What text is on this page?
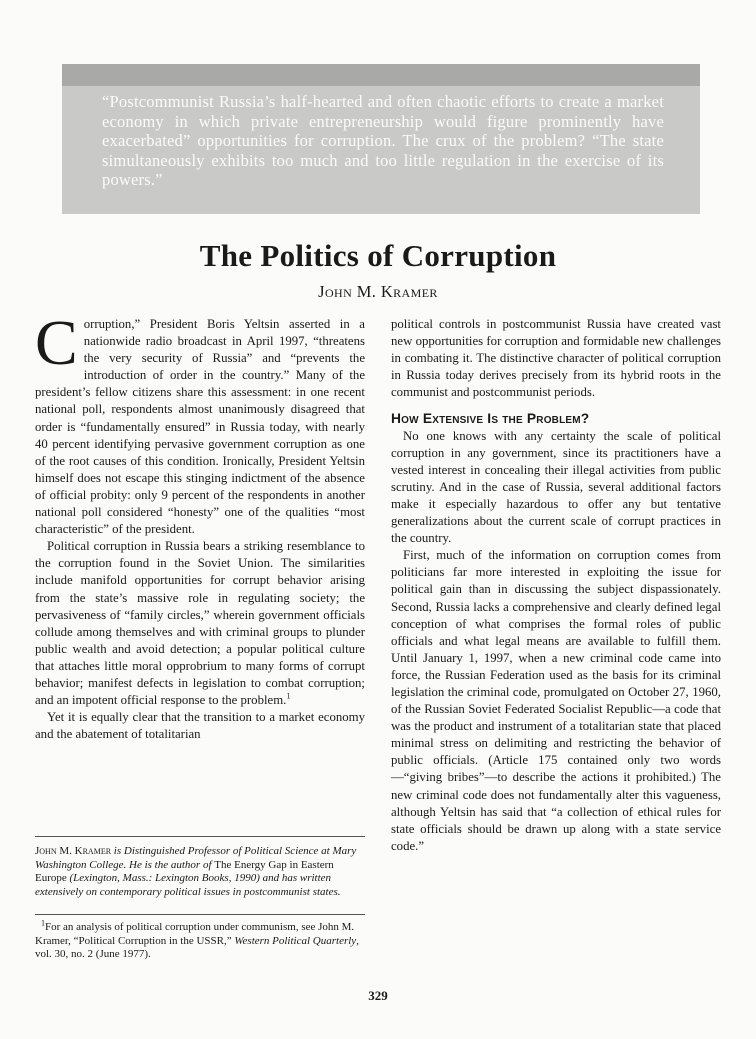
“Postcommunist Russia’s half-hearted and often chaotic efforts to create a market economy in which private entrepreneurship would figure prominently have exacerbated” opportunities for corruption. The crux of the problem? “The state simultaneously exhibits too much and too little regulation in the exercise of its powers.”

The Politics of Corruption
John M. Kramer

Corruption,” President Boris Yeltsin asserted in a nationwide radio broadcast in April 1997, “threatens the very security of Russia” and “prevents the introduction of order in the country.” Many of the president’s fellow citizens share this assessment: in one recent national poll, respondents almost unanimously disagreed that order is “fundamentally ensured” in Russia today, with nearly 40 percent identifying pervasive government corruption as one of the root causes of this condition. Ironically, President Yeltsin himself does not escape this stinging indictment of the absence of official probity: only 9 percent of the respondents in another national poll considered “honesty” one of the qualities “most characteristic” of the president.

Political corruption in Russia bears a striking resemblance to the corruption found in the Soviet Union. The similarities include manifold opportunities for corrupt behavior arising from the state’s massive role in regulating society; the pervasiveness of “family circles,” wherein government officials collude among themselves and with criminal groups to plunder public wealth and avoid detection; a popular political culture that attaches little moral opprobrium to many forms of corrupt behavior; manifest defects in legislation to combat corruption; and an impotent official response to the problem.$^1$

Yet it is equally clear that the transition to a market economy and the abatement of totalitarian

political controls in postcommunist Russia have created vast new opportunities for corruption and formidable new challenges in combating it. The distinctive character of political corruption in Russia today derives precisely from its hybrid roots in the communist and postcommunist periods.

How Extensive Is the Problem?

No one knows with any certainty the scale of political corruption in any government, since its practitioners have a vested interest in concealing their illegal activities from public scrutiny. And in the case of Russia, several additional factors make it especially hazardous to offer any but tentative generalizations about the current scale of corrupt practices in the country.

First, much of the information on corruption comes from politicians far more interested in exploiting the issue for political gain than in discussing the subject dispassionately. Second, Russia lacks a comprehensive and clearly defined legal conception of what comprises the formal roles of public officials and what legal means are available to fulfill them. Until January 1, 1997, when a new criminal code came into force, the Russian Federation used as the basis for its criminal legislation the criminal code, promulgated on October 27, 1960, of the Russian Soviet Federated Socialist Republic—a code that was the product and instrument of a totalitarian state that placed minimal stress on delimiting and restricting the behavior of public officials. (Article 175 contained only two words—“giving bribes”—to describe the actions it prohibited.) The new criminal code does not fundamentally alter this vagueness, although Yeltsin has said that “a collection of ethical rules for state officials should be drawn up along with a state service code.”

John M. Kramer is Distinguished Professor of Political Science at Mary Washington College. He is the author of The Energy Gap in Eastern Europe (Lexington, Mass.: Lexington Books, 1990) and has written extensively on contemporary political issues in postcommunist states.

$^1$For an analysis of political corruption under communism, see John M. Kramer, “Political Corruption in the USSR,” Western Political Quarterly, vol. 30, no. 2 (June 1977).

329
